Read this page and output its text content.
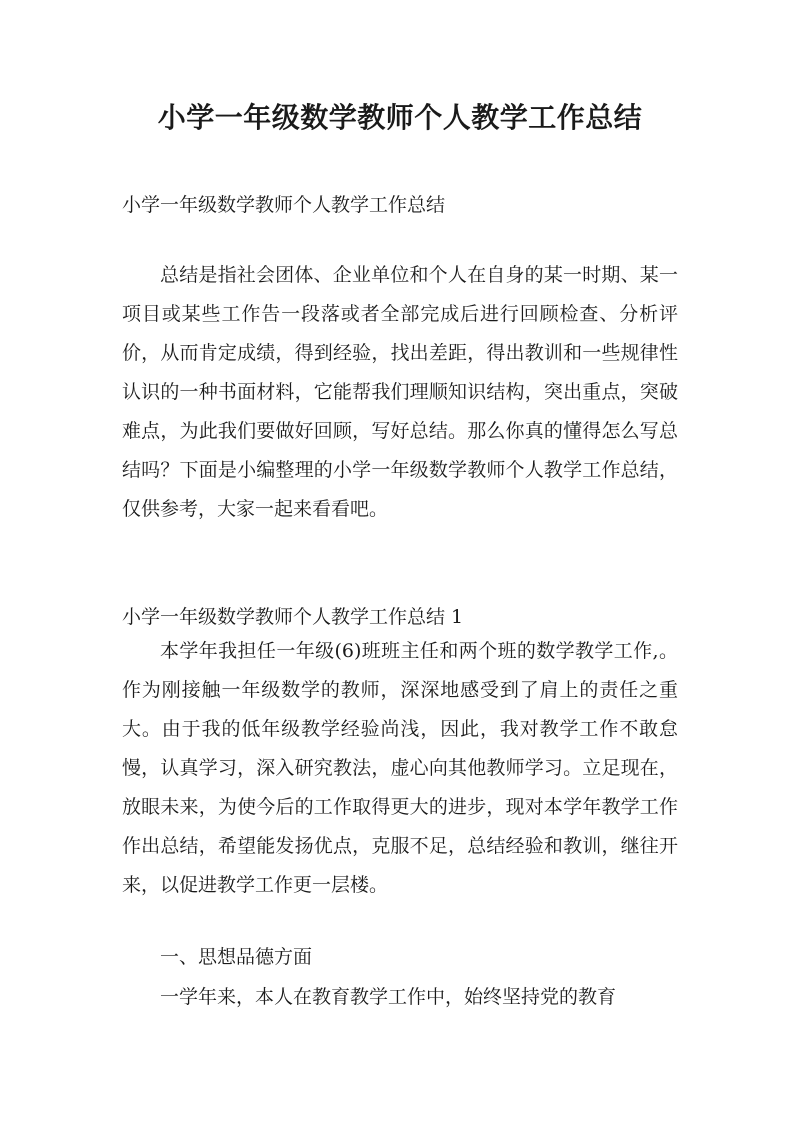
小学一年级数学教师个人教学工作总结
小学一年级数学教师个人教学工作总结
总结是指社会团体、企业单位和个人在自身的某一时期、某一项目或某些工作告一段落或者全部完成后进行回顾检查、分析评价，从而肯定成绩，得到经验，找出差距，得出教训和一些规律性认识的一种书面材料，它能帮我们理顺知识结构，突出重点，突破难点，为此我们要做好回顾，写好总结。那么你真的懂得怎么写总结吗？下面是小编整理的小学一年级数学教师个人教学工作总结，仅供参考，大家一起来看看吧。
小学一年级数学教师个人教学工作总结 1
本学年我担任一年级(6)班班主任和两个班的数学教学工作,。作为刚接触一年级数学的教师，深深地感受到了肩上的责任之重大。由于我的低年级教学经验尚浅，因此，我对教学工作不敢怠慢，认真学习，深入研究教法，虚心向其他教师学习。立足现在，放眼未来，为使今后的工作取得更大的进步，现对本学年教学工作作出总结，希望能发扬优点，克服不足，总结经验和教训，继往开来，以促进教学工作更一层楼。
一、思想品德方面
一学年来，本人在教育教学工作中，始终坚持党的教育
